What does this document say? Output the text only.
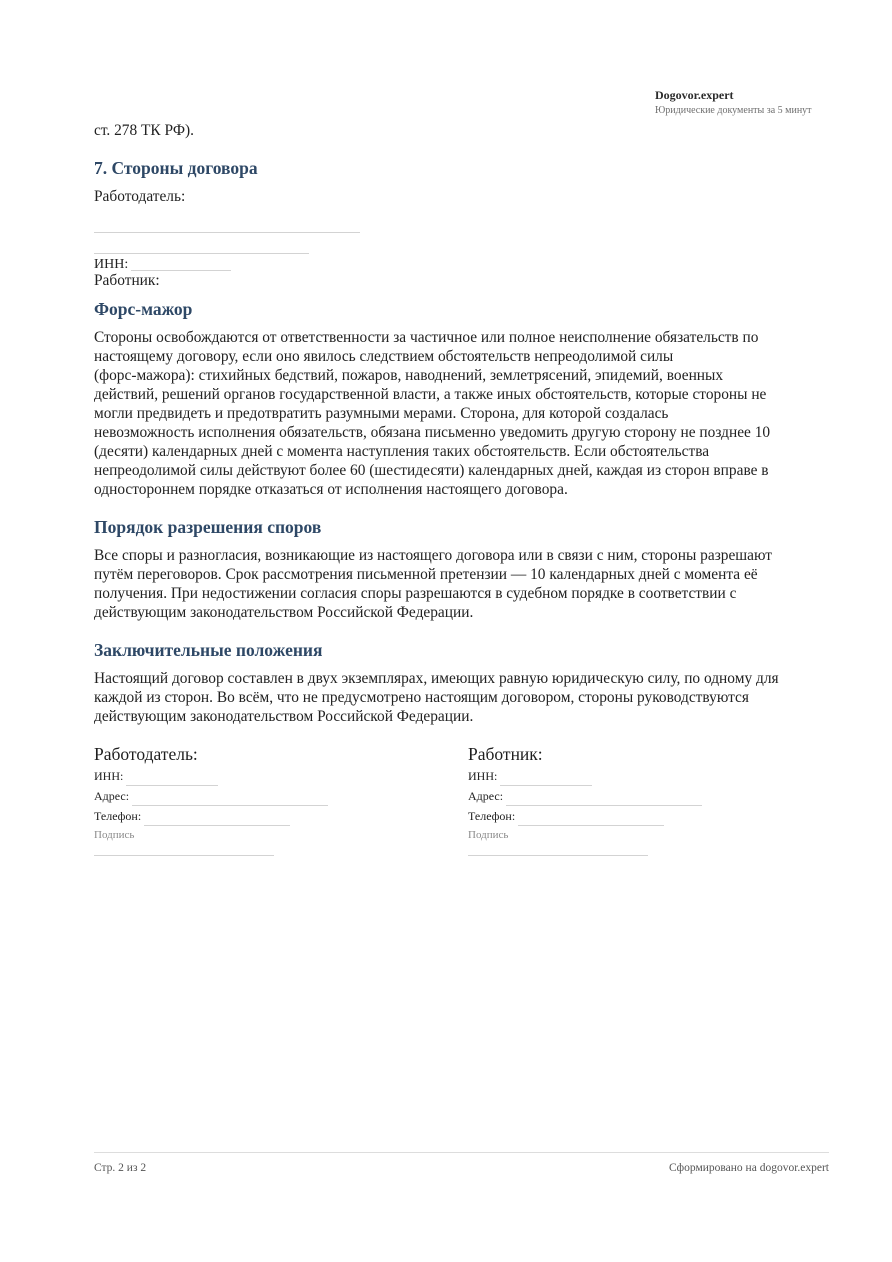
Dogovor.expert
Юридические документы за 5 минут
ст. 278 ТК РФ).
7. Стороны договора
Работодатель:
ИНН:
Работник:
Форс-мажор

Стороны освобождаются от ответственности за частичное или полное неисполнение обязательств по

настоящему договору, если оно явилось следствием обстоятельств непреодолимой силы

(форс-мажора): стихийных бедствий, пожаров, наводнений, землетрясений, эпидемий, военных

действий, решений органов государственной власти, а также иных обстоятельств, которые стороны не

могли предвидеть и предотвратить разумными мерами. Сторона, для которой создалась

невозможность исполнения обязательств, обязана письменно уведомить другую сторону не позднее 10

(десяти) календарных дней с момента наступления таких обстоятельств. Если обстоятельства

непреодолимой силы действуют более 60 (шестидесяти) календарных дней, каждая из сторон вправе в

одностороннем порядке отказаться от исполнения настоящего договора.

Порядок разрешения споров

Все споры и разногласия, возникающие из настоящего договора или в связи с ним, стороны разрешают

путём переговоров. Срок рассмотрения письменной претензии — 10 календарных дней с момента её

получения. При недостижении согласия споры разрешаются в судебном порядке в соответствии с

действующим законодательством Российской Федерации.

Заключительные положения

Настоящий договор составлен в двух экземплярах, имеющих равную юридическую силу, по одному для

каждой из сторон. Во всём, что не предусмотрено настоящим договором, стороны руководствуются

действующим законодательством Российской Федерации.

Работодатель:
ИНН:
Адрес:
Телефон:
Подпись
Работник:
ИНН:
Адрес:
Телефон:
Подпись
Стр. 2 из 2	Сформировано на dogovor.expert
